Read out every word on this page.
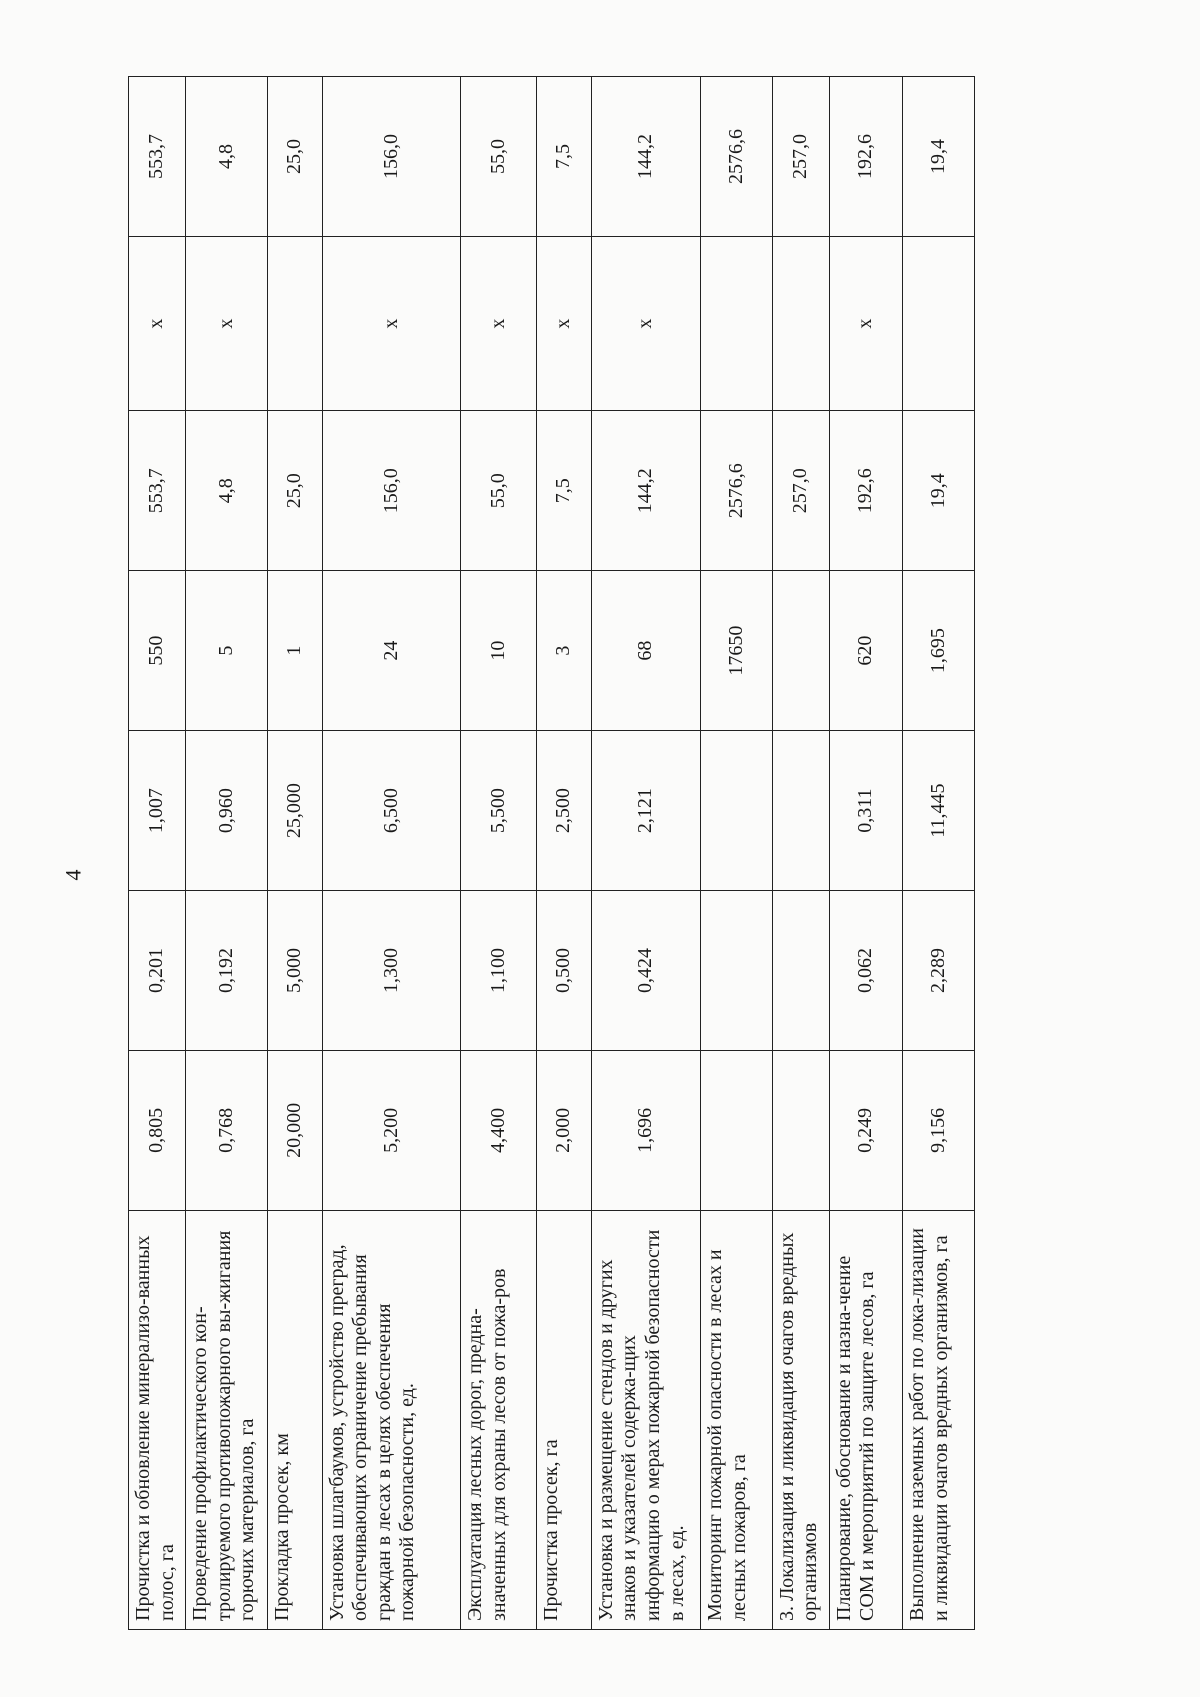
4
Прочистка и обновление минерализо-ванных полос, га	0,805	0,201	1,007	550	553,7	х	553,7
Проведение профилактического кон-тролируемого противопожарного вы-жигания горючих материалов, га	0,768	0,192	0,960	5	4,8	х	4,8
Прокладка просек, км	20,000	5,000	25,000	1	25,0		25,0
Установка шлагбаумов, устройство преград, обеспечивающих ограничение пребывания граждан в лесах в целях обеспечения пожарной безопасности, ед.	5,200	1,300	6,500	24	156,0	х	156,0
Эксплуатация лесных дорог, предна-значенных для охраны лесов от пожа-ров	4,400	1,100	5,500	10	55,0	х	55,0
Прочистка просек, га	2,000	0,500	2,500	3	7,5	х	7,5
Установка и размещение стендов и других знаков и указателей содержа-щих информацию о мерах пожарной безопасности в лесах, ед.	1,696	0,424	2,121	68	144,2	х	144,2
Мониторинг пожарной опасности в лесах и лесных пожаров, га				17650	2576,6		2576,6
3. Локализация и ликвидация очагов вредных организмов					257,0		257,0
Планирование, обоснование и назна-чение СОМ и мероприятий по защите лесов, га	0,249	0,062	0,311	620	192,6	х	192,6
Выполнение наземных работ по лока-лизации и ликвидации очагов вредных организмов, га	9,156	2,289	11,445	1,695	19,4		19,4
